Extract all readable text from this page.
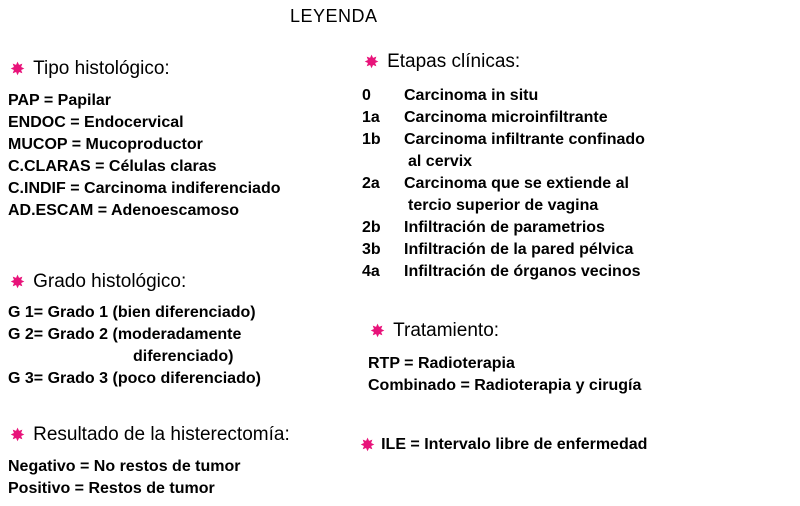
LEYENDA
✸ Tipo histológico:
PAP = Papilar
ENDOC = Endocervical
MUCOP = Mucoproductor
C.CLARAS = Células claras
C.INDIF = Carcinoma indiferenciado
AD.ESCAM = Adenoescamoso
✸ Grado histológico:
G 1= Grado 1 (bien diferenciado)
G 2= Grado 2 (moderadamente
diferenciado)
G 3= Grado 3 (poco diferenciado)
✸ Resultado de la histerectomía:
Negativo = No restos de tumor
Positivo = Restos de tumor
✸ Etapas clínicas:
0	Carcinoma in situ
1a	Carcinoma microinfiltrante
1b	Carcinoma infiltrante confinado
al cervix
2a	Carcinoma que se extiende al
tercio superior de vagina
2b	Infiltración de parametrios
3b	Infiltración de la pared pélvica
4a	Infiltración de órganos vecinos
✸ Tratamiento:
RTP = Radioterapia
Combinado = Radioterapia y cirugía
✸ ILE = Intervalo libre de enfermedad
